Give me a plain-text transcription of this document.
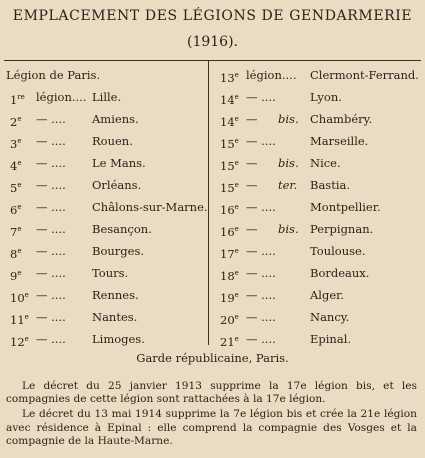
EMPLACEMENT DES LÉGIONS DE GENDARMERIE
(1916).
Légion de Paris.
1re légion.... Lille.
2e — .... Amiens.
3e — .... Rouen.
4e — .... Le Mans.
5e — .... Orléans.
6e — .... Châlons-sur-Marne.
7e — .... Besançon.
8e — .... Bourges.
9e — .... Tours.
10e — .... Rennes.
11e — .... Nantes.
12e — .... Limoges.
13e légion.... Clermont-Ferrand.
14e — ....	Lyon.
14e — bis. Chambéry.
15e — ....	Marseille.
15e — bis. Nice.
15e — ter. Bastia.
16e — ....	Montpellier.
16e — bis. Perpignan.
17e — ....	Toulouse.
18e — ....	Bordeaux.
19e — ....	Alger.
20e — ....	Nancy.
21e — ....	Epinal.
Garde républicaine, Paris.

Le décret du 25 janvier 1913 supprime la 17e légion bis, et les compagnies de cette légion sont rattachées à la 17e légion.

Le décret du 13 mai 1914 supprime la 7e légion bis et crée la 21e légion avec résidence à Epinal : elle comprend la compagnie des Vosges et la compagnie de la Haute-Marne.
